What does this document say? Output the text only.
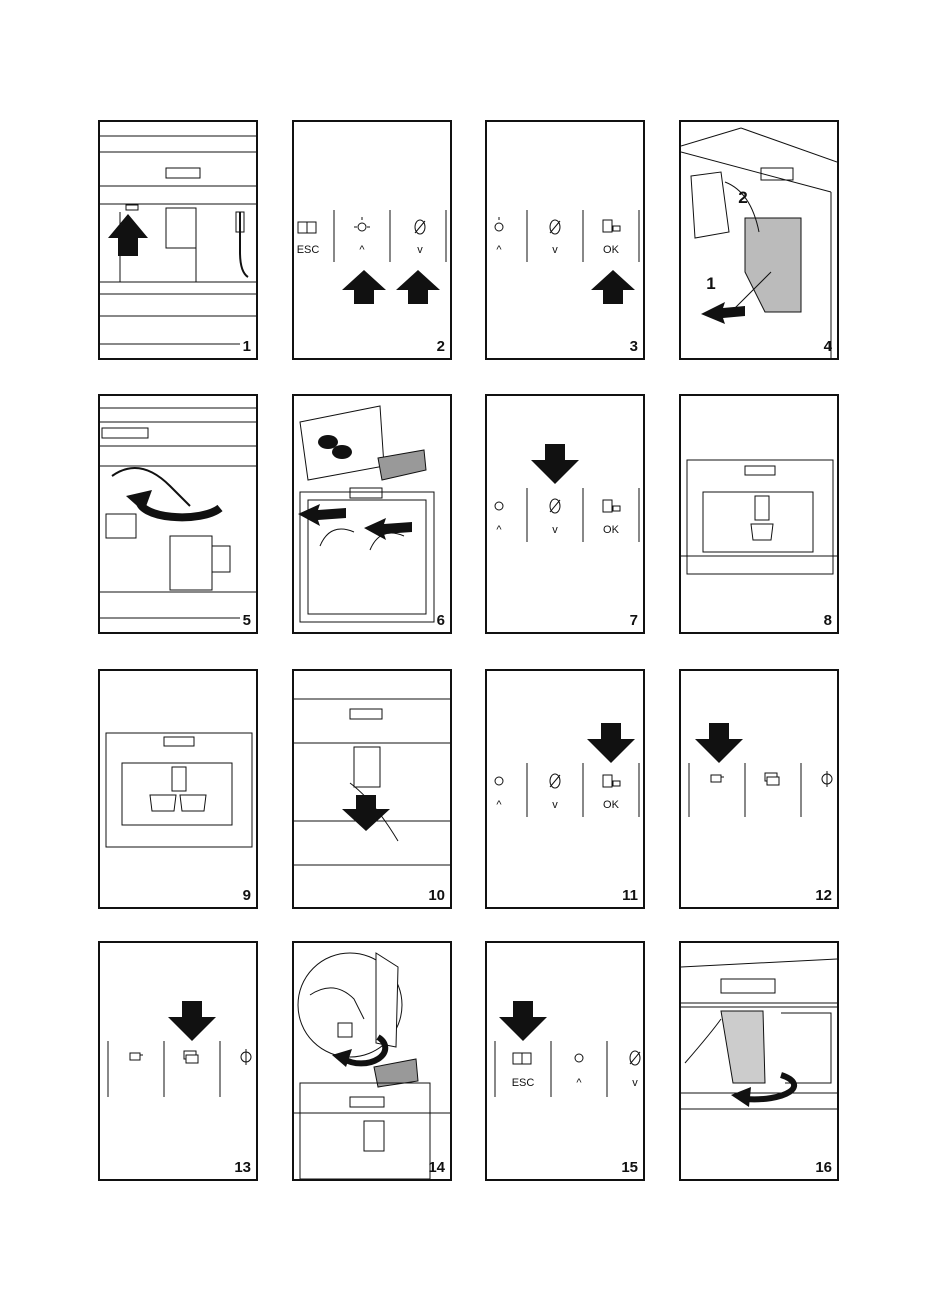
1
ESC	^	v
2
^	v	OK
3
1
2
4
5	6
^	v	OK
7	8
9	10
^	v	OK
11	12
13	14
ESC	^	v
15	16
